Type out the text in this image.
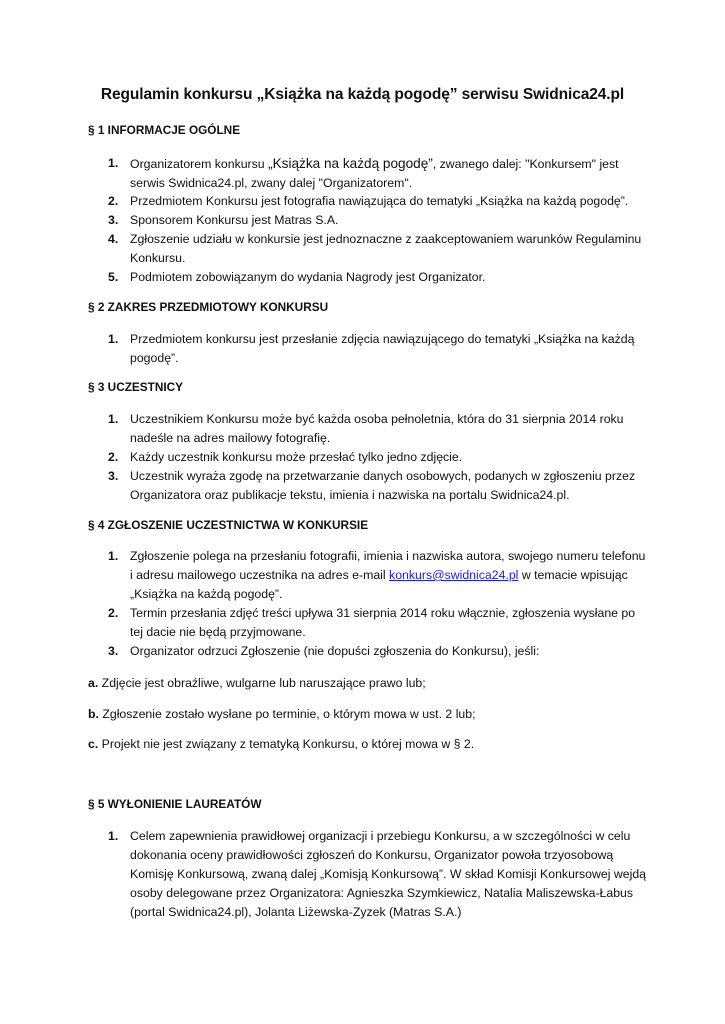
Regulamin konkursu „Książka na każdą pogodę” serwisu Swidnica24.pl
§ 1 INFORMACJE OGÓLNE
1. Organizatorem konkursu „Książka na każdą pogodę”, zwanego dalej: "Konkursem" jest serwis Swidnica24.pl, zwany dalej "Organizatorem".
2. Przedmiotem Konkursu jest fotografia nawiązująca do tematyki „Książka na każdą pogodę”.
3. Sponsorem Konkursu jest Matras S.A.
4. Zgłoszenie udziału w konkursie jest jednoznaczne z zaakceptowaniem warunków Regulaminu Konkursu.
5. Podmiotem zobowiązanym do wydania Nagrody jest Organizator.
§ 2 ZAKRES PRZEDMIOTOWY KONKURSU
1. Przedmiotem konkursu jest przesłanie zdjęcia nawiązującego do tematyki „Książka na każdą pogodę”.
§ 3 UCZESTNICY
1. Uczestnikiem Konkursu może być każda osoba pełnoletnia, która do 31 sierpnia 2014 roku nadeśle na adres mailowy fotografię.
2. Każdy uczestnik konkursu może przesłać tylko jedno zdjęcie.
3. Uczestnik wyraża zgodę na przetwarzanie danych osobowych, podanych w zgłoszeniu przez Organizatora oraz publikacje tekstu, imienia i nazwiska na portalu Swidnica24.pl.
§ 4 ZGŁOSZENIE UCZESTNICTWA W KONKURSIE
1. Zgłoszenie polega na przesłaniu fotografii, imienia i nazwiska autora, swojego numeru telefonu i adresu mailowego uczestnika na adres e-mail konkurs@swidnica24.pl w temacie wpisując „Książka na każdą pogodę”.
2. Termin przesłania zdjęć treści upływa 31 sierpnia 2014 roku włącznie, zgłoszenia wysłane po tej dacie nie będą przyjmowane.
3. Organizator odrzuci Zgłoszenie (nie dopuści zgłoszenia do Konkursu), jeśli:
a. Zdjęcie jest obraźliwe, wulgarne lub naruszające prawo lub;
b. Zgłoszenie zostało wysłane po terminie, o którym mowa w ust. 2 lub;
c. Projekt nie jest związany z tematyką Konkursu, o której mowa w § 2.
§ 5 WYŁONIENIE LAUREATÓW
1. Celem zapewnienia prawidłowej organizacji i przebiegu Konkursu, a w szczególności w celu dokonania oceny prawidłowości zgłoszeń do Konkursu, Organizator powoła trzyosobową Komisję Konkursową, zwaną dalej „Komisją Konkursową”. W skład Komisji Konkursowej wejdą osoby delegowane przez Organizatora: Agnieszka Szymkiewicz, Natalia Maliszewska-Łabus (portal Swidnica24.pl), Jolanta Liżewska-Zyzek (Matras S.A.)
